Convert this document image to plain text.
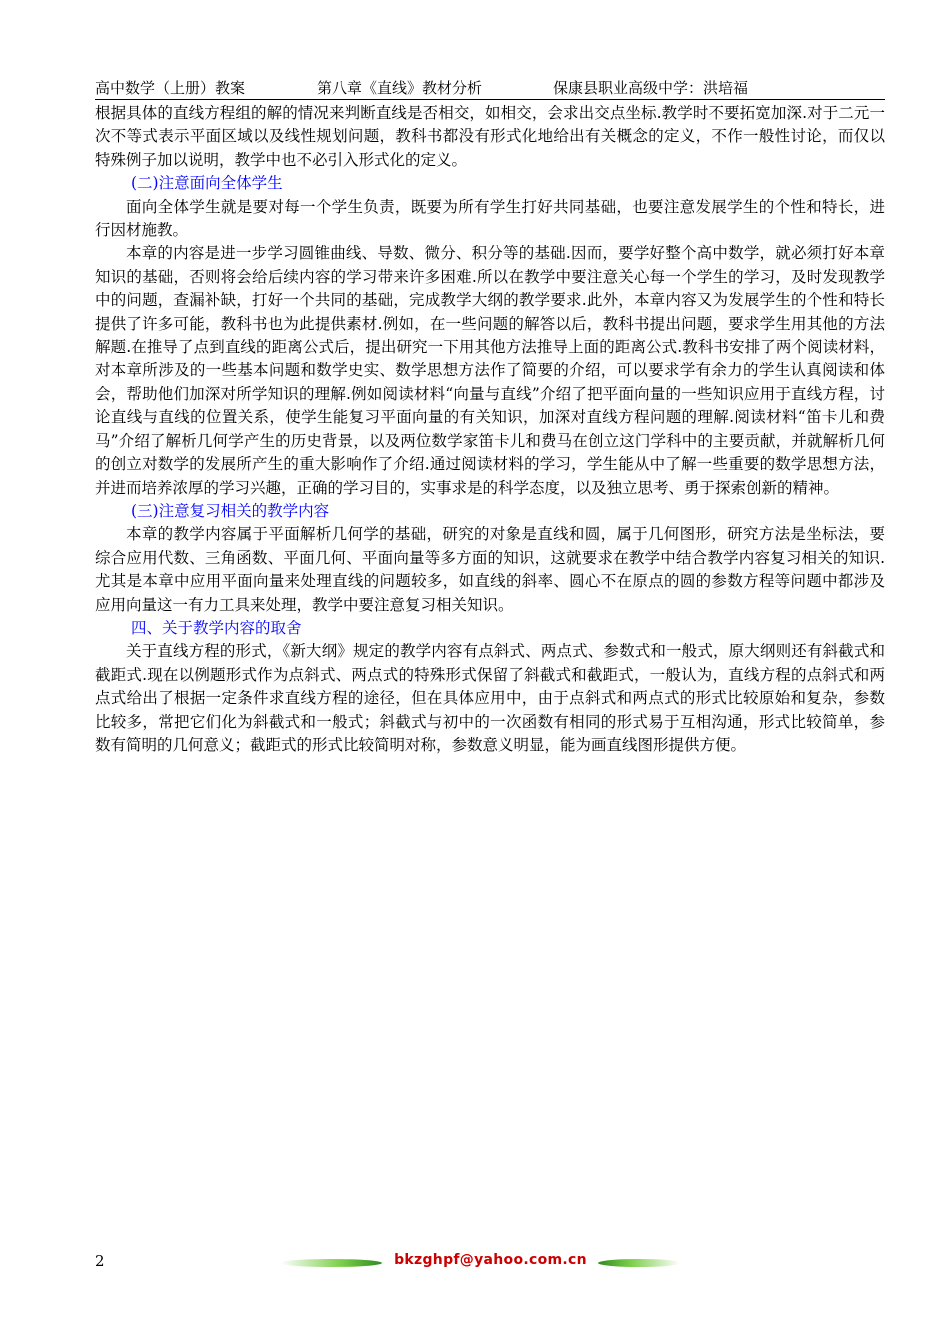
高中数学（上册）教案	第八章《直线》教材分析	保康县职业高级中学：洪培福

根据具体的直线方程组的解的情况来判断直线是否相交，如相交，会求出交点坐标.教学时不要拓宽加深.对于二元一次不等式表示平面区域以及线性规划问题，教科书都没有形式化地给出有关概念的定义，不作一般性讨论，而仅以特殊例子加以说明，教学中也不必引入形式化的定义。

(二)注意面向全体学生

面向全体学生就是要对每一个学生负责，既要为所有学生打好共同基础，也要注意发展学生的个性和特长，进行因材施教。

本章的内容是进一步学习圆锥曲线、导数、微分、积分等的基础.因而，要学好整个高中数学，就必须打好本章知识的基础，否则将会给后续内容的学习带来许多困难.所以在教学中要注意关心每一个学生的学习，及时发现教学中的问题，查漏补缺，打好一个共同的基础，完成教学大纲的教学要求.此外，本章内容又为发展学生的个性和特长提供了许多可能，教科书也为此提供素材.例如，在一些问题的解答以后，教科书提出问题，要求学生用其他的方法解题.在推导了点到直线的距离公式后，提出研究一下用其他方法推导上面的距离公式.教科书安排了两个阅读材料，对本章所涉及的一些基本问题和数学史实、数学思想方法作了简要的介绍，可以要求学有余力的学生认真阅读和体会，帮助他们加深对所学知识的理解.例如阅读材料“向量与直线”介绍了把平面向量的一些知识应用于直线方程，讨论直线与直线的位置关系，使学生能复习平面向量的有关知识，加深对直线方程问题的理解.阅读材料“笛卡儿和费马”介绍了解析几何学产生的历史背景，以及两位数学家笛卡儿和费马在创立这门学科中的主要贡献，并就解析几何的创立对数学的发展所产生的重大影响作了介绍.通过阅读材料的学习，学生能从中了解一些重要的数学思想方法，并进而培养浓厚的学习兴趣，正确的学习目的，实事求是的科学态度，以及独立思考、勇于探索创新的精神。

(三)注意复习相关的教学内容

本章的教学内容属于平面解析几何学的基础，研究的对象是直线和圆，属于几何图形，研究方法是坐标法，要综合应用代数、三角函数、平面几何、平面向量等多方面的知识，这就要求在教学中结合教学内容复习相关的知识.尤其是本章中应用平面向量来处理直线的问题较多，如直线的斜率、圆心不在原点的圆的参数方程等问题中都涉及应用向量这一有力工具来处理，教学中要注意复习相关知识。

四、关于教学内容的取舍

关于直线方程的形式，《新大纲》规定的教学内容有点斜式、两点式、参数式和一般式，原大纲则还有斜截式和截距式.现在以例题形式作为点斜式、两点式的特殊形式保留了斜截式和截距式，一般认为，直线方程的点斜式和两点式给出了根据一定条件求直线方程的途径，但在具体应用中，由于点斜式和两点式的形式比较原始和复杂，参数比较多，常把它们化为斜截式和一般式；斜截式与初中的一次函数有相同的形式易于互相沟通，形式比较简单，参数有简明的几何意义；截距式的形式比较简明对称，参数意义明显，能为画直线图形提供方便。

2	bkzghpf@yahoo.com.cn
